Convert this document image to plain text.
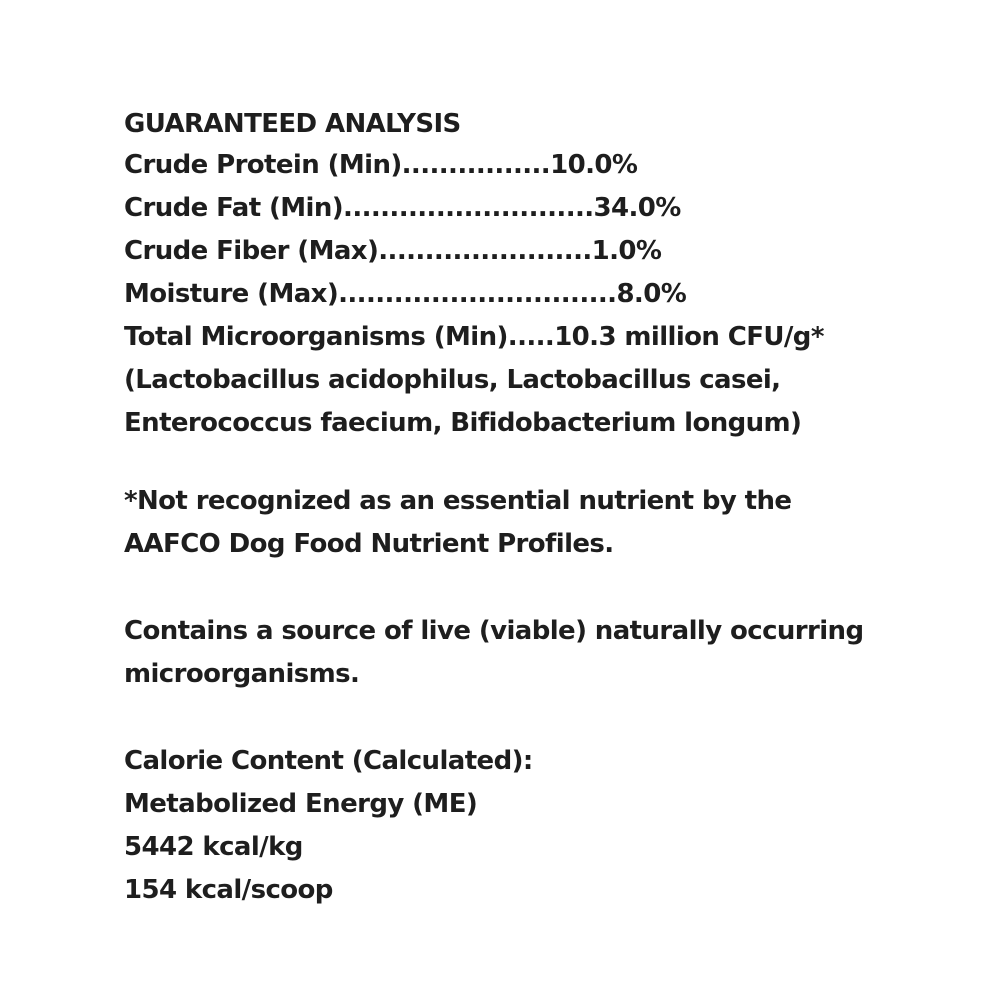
GUARANTEED ANALYSIS
Crude Protein (Min)................10.0%
Crude Fat (Min)...........................34.0%
Crude Fiber (Max).......................1.0%
Moisture (Max)..............................8.0%
Total Microorganisms (Min).....10.3 million CFU/g*
(Lactobacillus acidophilus, Lactobacillus casei,
Enterococcus faecium, Bifidobacterium longum)
*Not recognized as an essential nutrient by the
AAFCO Dog Food Nutrient Profiles.
Contains a source of live (viable) naturally occurring
microorganisms.
Calorie Content (Calculated):
Metabolized Energy (ME)
5442 kcal/kg
154 kcal/scoop
